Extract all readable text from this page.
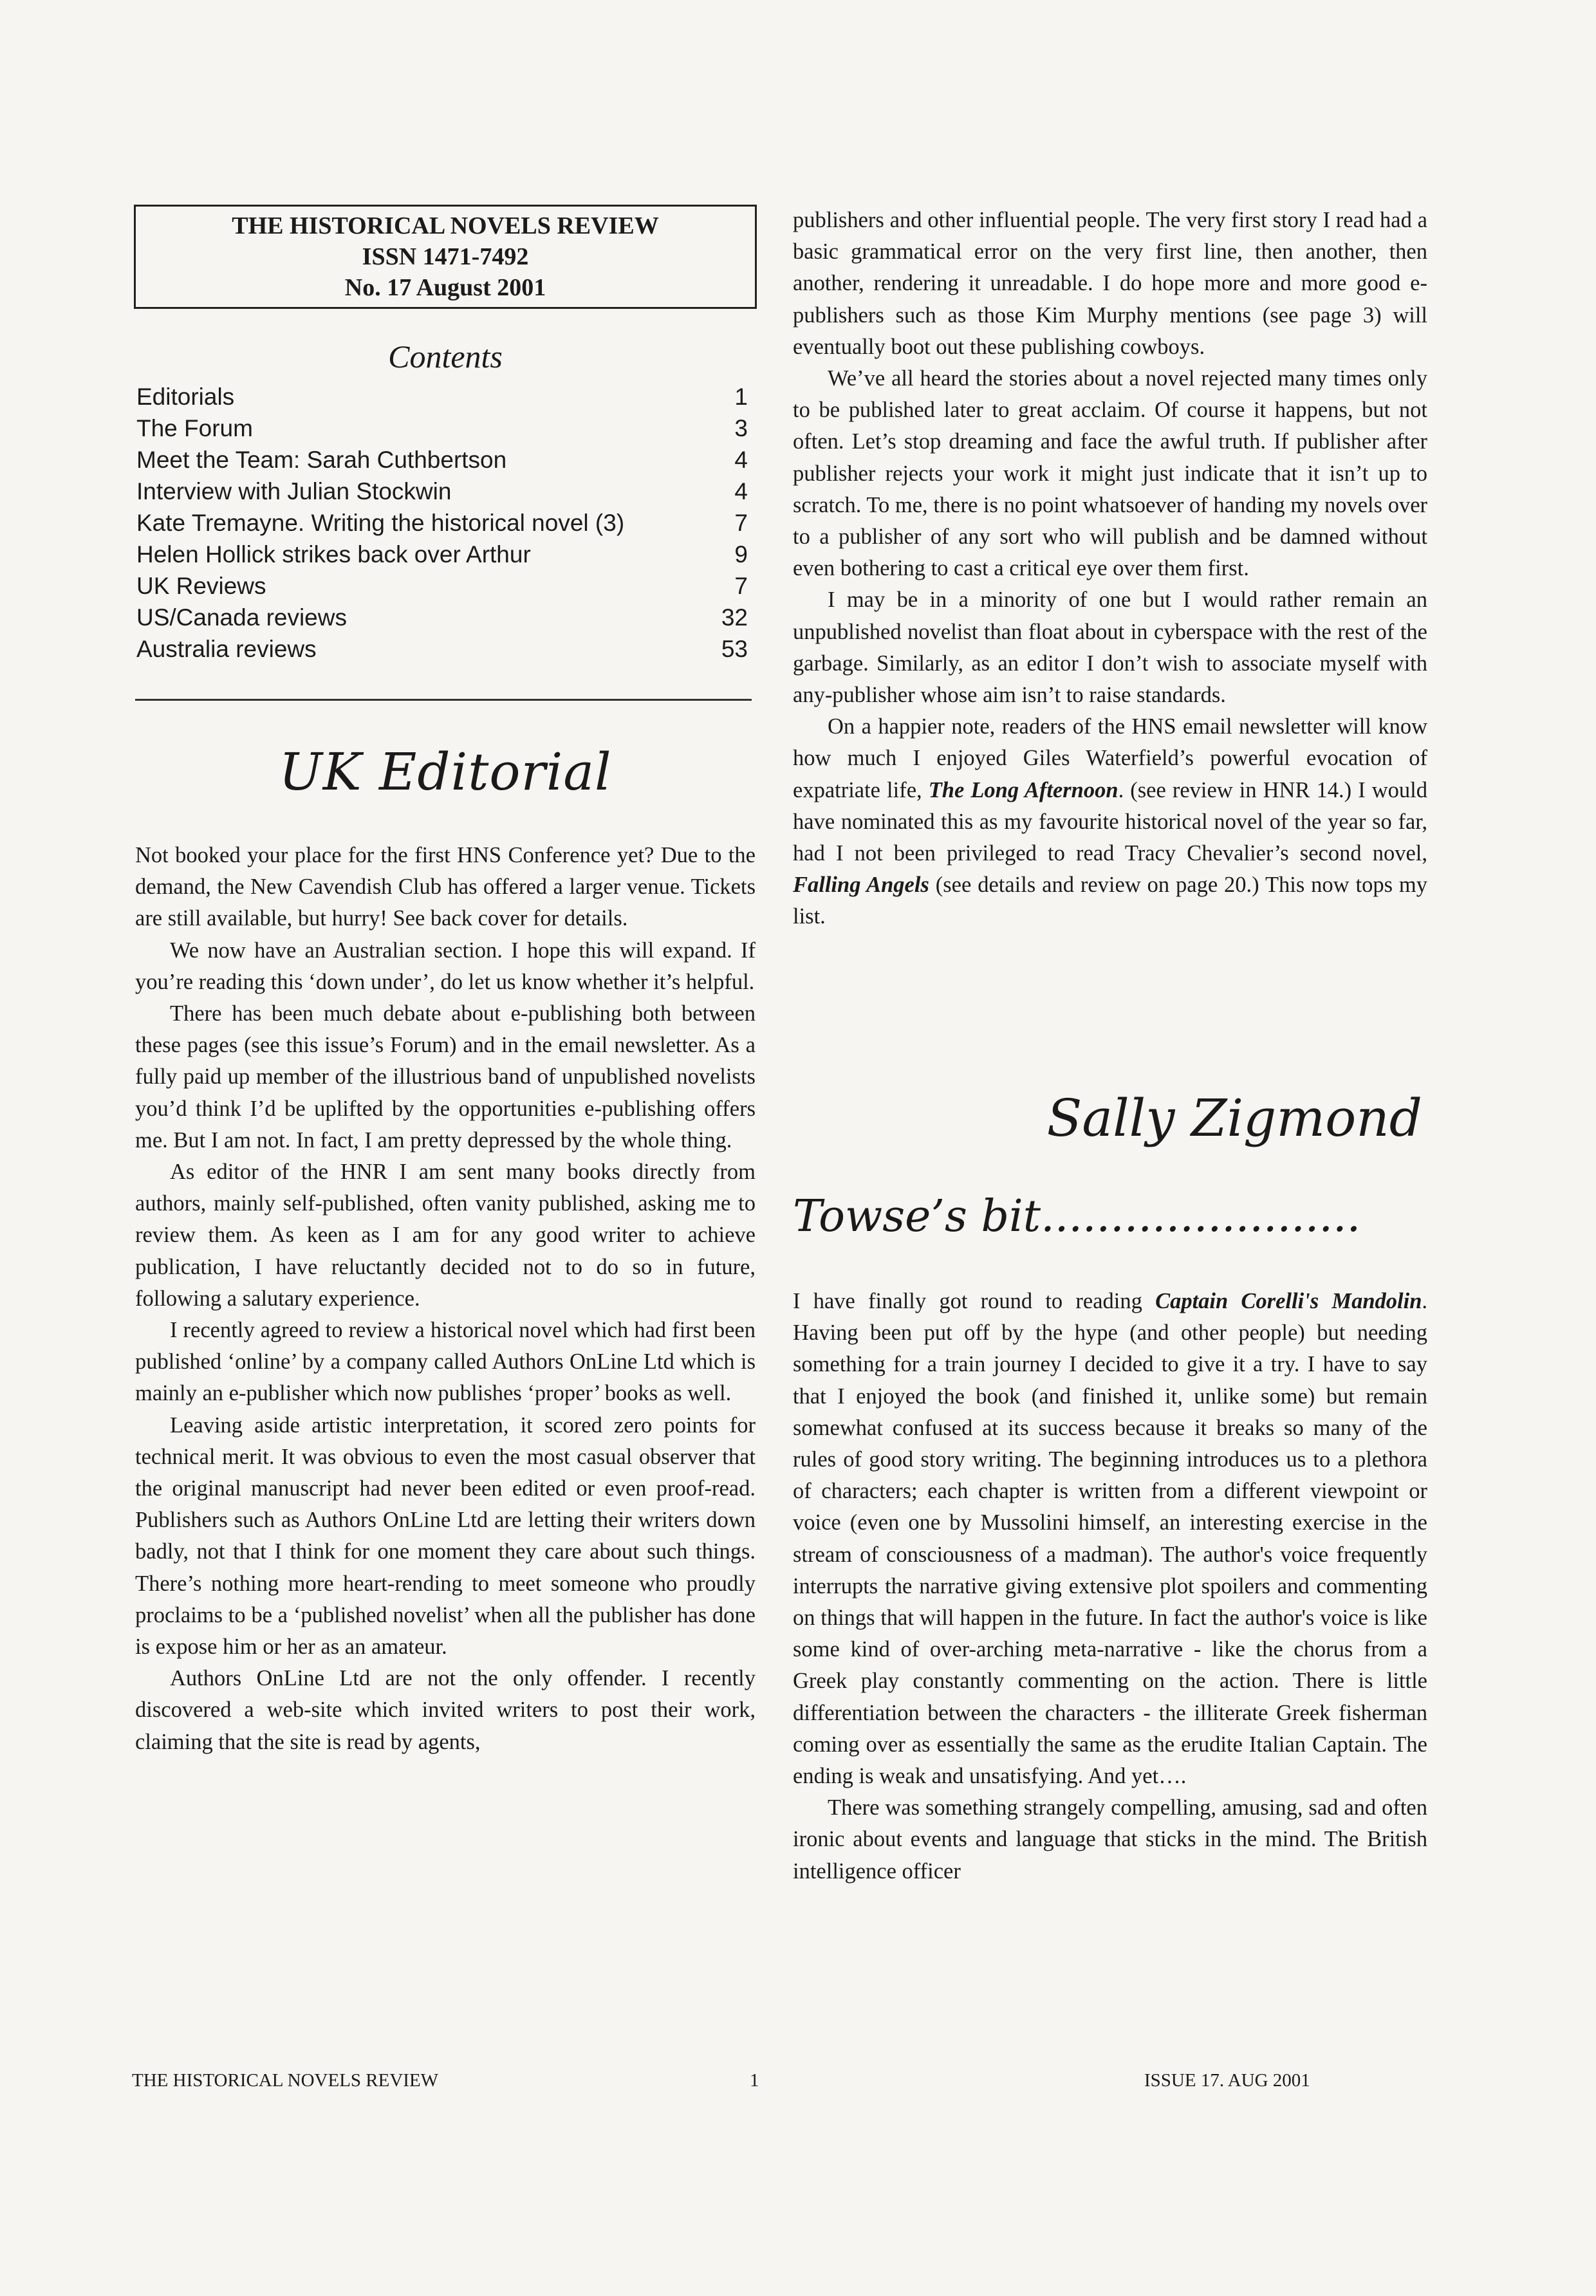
THE HISTORICAL NOVELS REVIEW
ISSN 1471-7492
No. 17 August 2001
Contents
Editorials	1
The Forum	3
Meet the Team: Sarah Cuthbertson	4
Interview with Julian Stockwin	4
Kate Tremayne. Writing the historical novel (3)	7
Helen Hollick strikes back over Arthur	9
UK Reviews	7
US/Canada reviews	32
Australia reviews	53
UK Editorial

Not booked your place for the first HNS Conference yet? Due to the demand, the New Cavendish Club has offered a larger venue. Tickets are still available, but hurry! See back cover for details.

We now have an Australian section. I hope this will expand. If you’re reading this ‘down under’, do let us know whether it’s helpful.

There has been much debate about e-publishing both between these pages (see this issue’s Forum) and in the email newsletter. As a fully paid up member of the illustrious band of unpublished novelists you’d think I’d be uplifted by the opportunities e-publishing offers me. But I am not. In fact, I am pretty depressed by the whole thing.

As editor of the HNR I am sent many books directly from authors, mainly self-published, often vanity published, asking me to review them. As keen as I am for any good writer to achieve publication, I have reluctantly decided not to do so in future, following a salutary experience.

I recently agreed to review a historical novel which had first been published ‘online’ by a company called Authors OnLine Ltd which is mainly an e-publisher which now publishes ‘proper’ books as well.

Leaving aside artistic interpretation, it scored zero points for technical merit. It was obvious to even the most casual observer that the original manuscript had never been edited or even proof-read. Publishers such as Authors OnLine Ltd are letting their writers down badly, not that I think for one moment they care about such things. There’s nothing more heart-rending to meet someone who proudly proclaims to be a ‘published novelist’ when all the publisher has done is expose him or her as an amateur.

Authors OnLine Ltd are not the only offender. I recently discovered a web-site which invited writers to post their work, claiming that the site is read by agents,

publishers and other influential people. The very first story I read had a basic grammatical error on the very first line, then another, then another, rendering it unreadable. I do hope more and more good e-publishers such as those Kim Murphy mentions (see page 3) will eventually boot out these publishing cowboys.

We’ve all heard the stories about a novel rejected many times only to be published later to great acclaim. Of course it happens, but not often. Let’s stop dreaming and face the awful truth. If publisher after publisher rejects your work it might just indicate that it isn’t up to scratch. To me, there is no point whatsoever of handing my novels over to a publisher of any sort who will publish and be damned without even bothering to cast a critical eye over them first.

I may be in a minority of one but I would rather remain an unpublished novelist than float about in cyberspace with the rest of the garbage. Similarly, as an editor I don’t wish to associate myself with any-publisher whose aim isn’t to raise standards.

On a happier note, readers of the HNS email newsletter will know how much I enjoyed Giles Waterfield’s powerful evocation of expatriate life, The Long Afternoon. (see review in HNR 14.) I would have nominated this as my favourite historical novel of the year so far, had I not been privileged to read Tracy Chevalier’s second novel, Falling Angels (see details and review on page 20.) This now tops my list.

Sally Zigmond
Towse’s bit.......................

I have finally got round to reading Captain Corelli's Mandolin. Having been put off by the hype (and other people) but needing something for a train journey I decided to give it a try. I have to say that I enjoyed the book (and finished it, unlike some) but remain somewhat confused at its success because it breaks so many of the rules of good story writing. The beginning introduces us to a plethora of characters; each chapter is written from a different viewpoint or voice (even one by Mussolini himself, an interesting exercise in the stream of consciousness of a madman). The author's voice frequently interrupts the narrative giving extensive plot spoilers and commenting on things that will happen in the future. In fact the author's voice is like some kind of over-arching meta-narrative - like the chorus from a Greek play constantly commenting on the action. There is little differentiation between the characters - the illiterate Greek fisherman coming over as essentially the same as the erudite Italian Captain. The ending is weak and unsatisfying. And yet….

There was something strangely compelling, amusing, sad and often ironic about events and language that sticks in the mind. The British intelligence officer

THE HISTORICAL NOVELS REVIEW	1	ISSUE 17. AUG 2001
